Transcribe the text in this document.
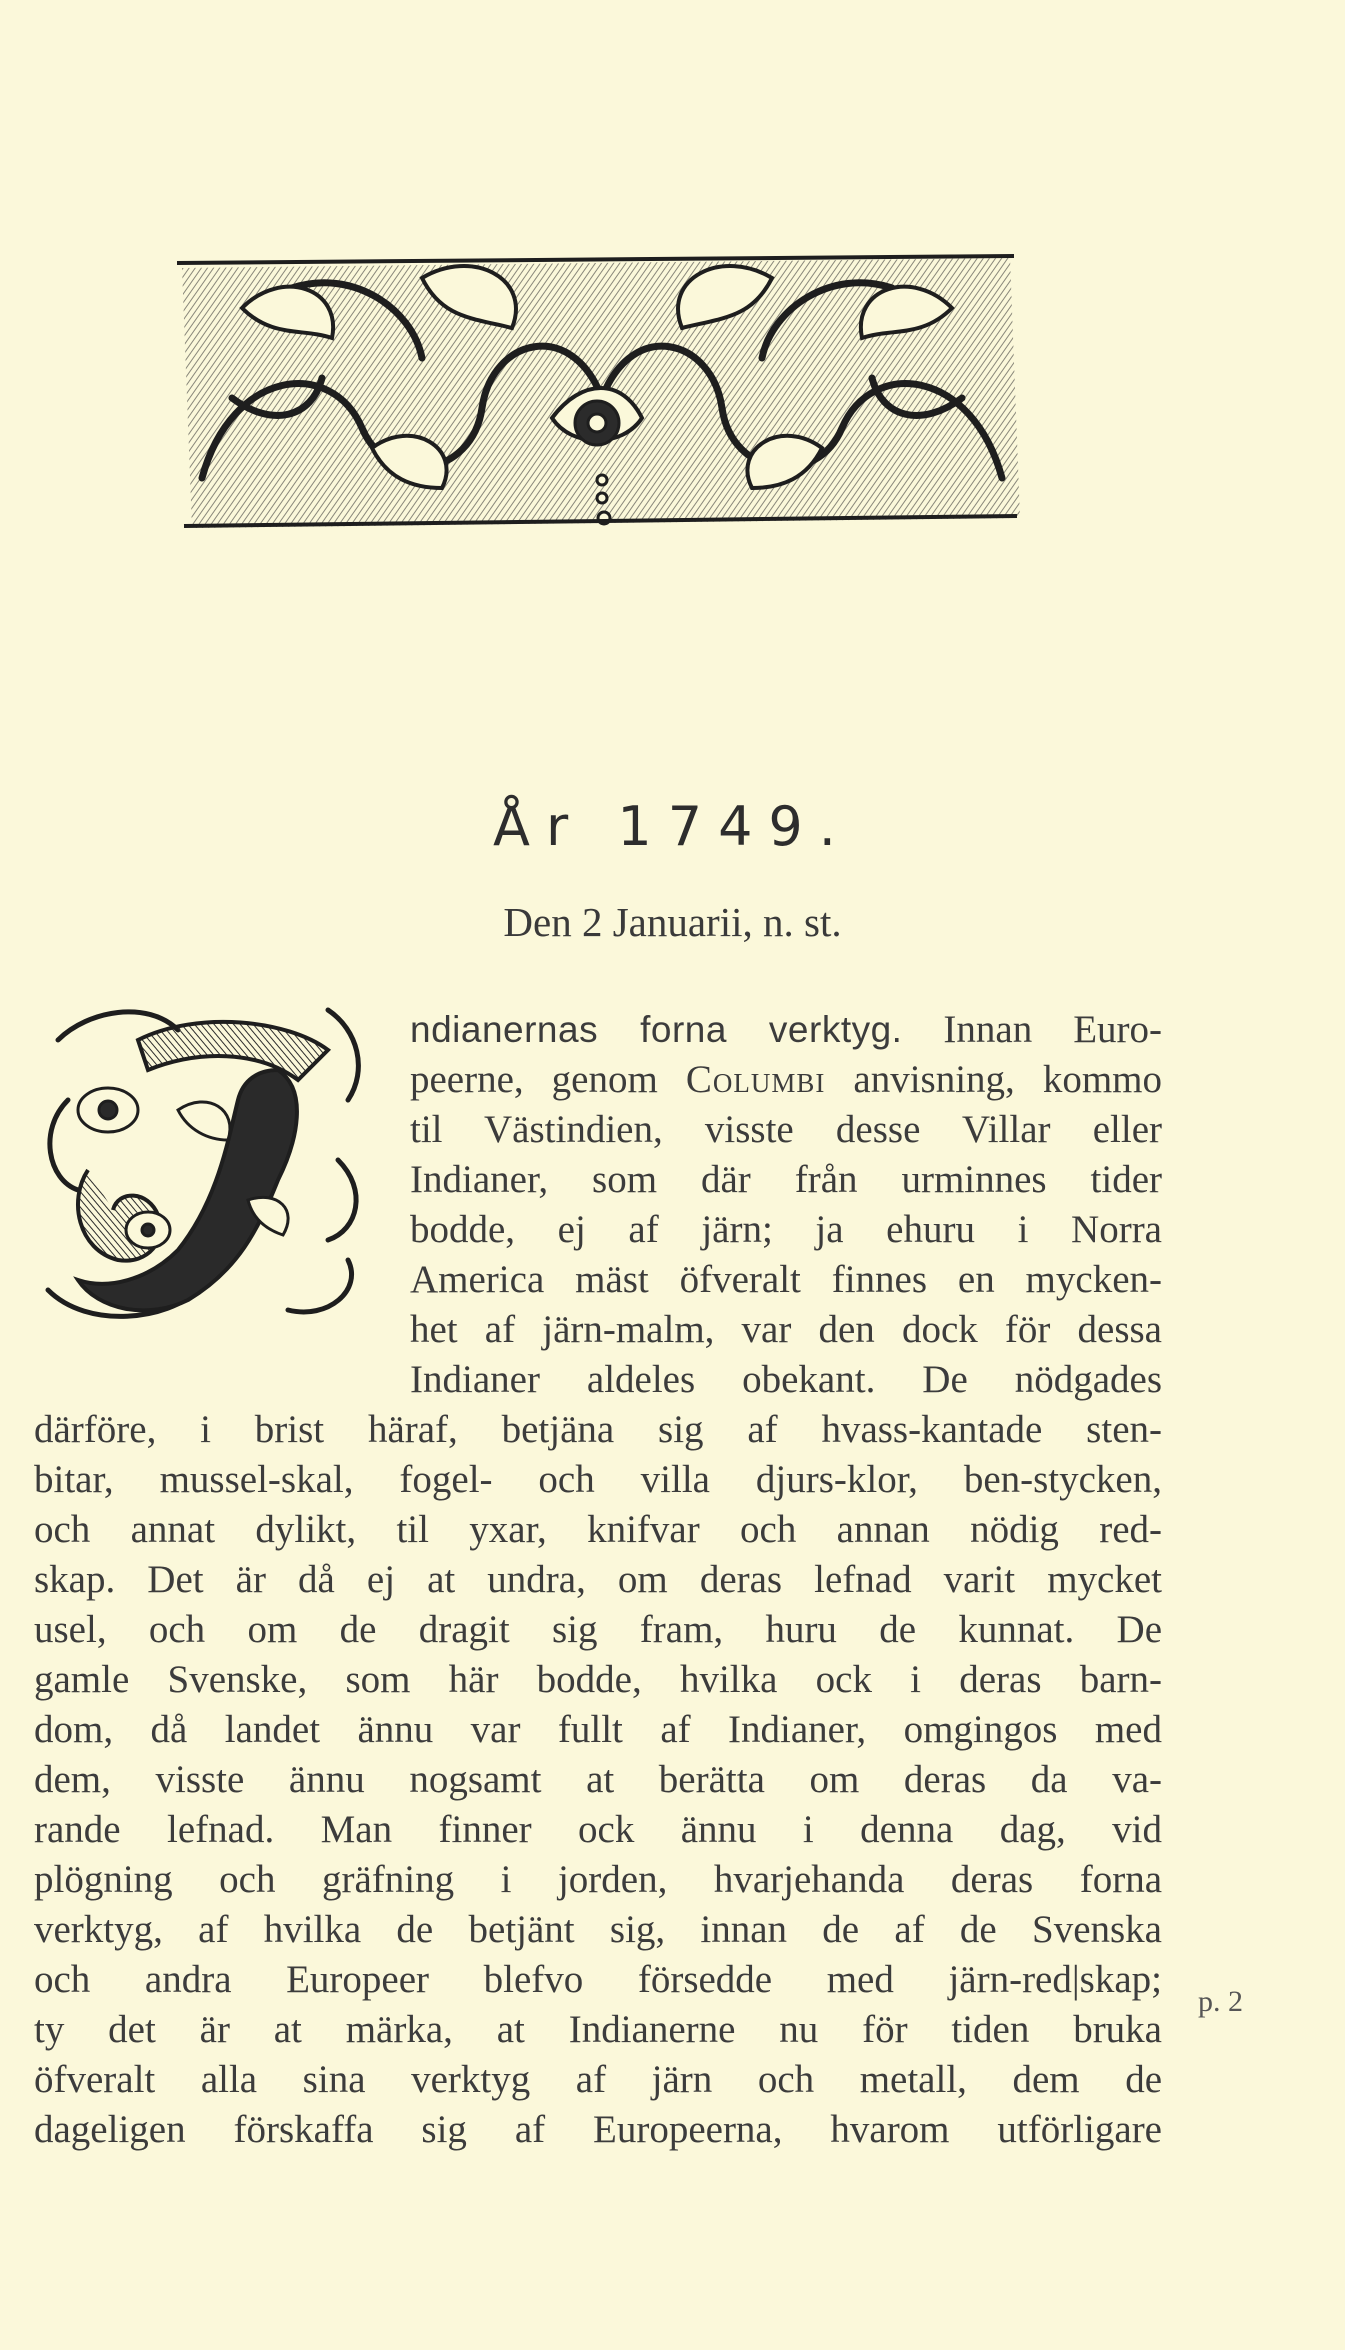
År 1749.
Den 2 Januarii, n. st.
ndianernas forna verktyg. Innan Euro-
peerne, genom Columbi anvisning, kommo
til Västindien, visste desse Villar eller
Indianer, som där från urminnes tider
bodde, ej af järn; ja ehuru i Norra
America mäst öfveralt finnes en mycken-
het af järn-malm, var den dock för dessa
Indianer aldeles obekant. De nödgades
därföre, i brist häraf, betjäna sig af hvass-kantade sten-
bitar, mussel-skal, fogel- och villa djurs-klor, ben-stycken,
och annat dylikt, til yxar, knifvar och annan nödig red-
skap. Det är då ej at undra, om deras lefnad varit mycket
usel, och om de dragit sig fram, huru de kunnat. De
gamle Svenske, som här bodde, hvilka ock i deras barn-
dom, då landet ännu var fullt af Indianer, omgingos med
dem, visste ännu nogsamt at berätta om deras da va-
rande lefnad. Man finner ock ännu i denna dag, vid
plögning och gräfning i jorden, hvarjehanda deras forna
verktyg, af hvilka de betjänt sig, innan de af de Svenska
och andra Europeer blefvo försedde med järn-red|skap;
ty det är at märka, at Indianerne nu för tiden bruka
öfveralt alla sina verktyg af järn och metall, dem de
dageligen förskaffa sig af Europeerna, hvarom utförligare
p. 2
